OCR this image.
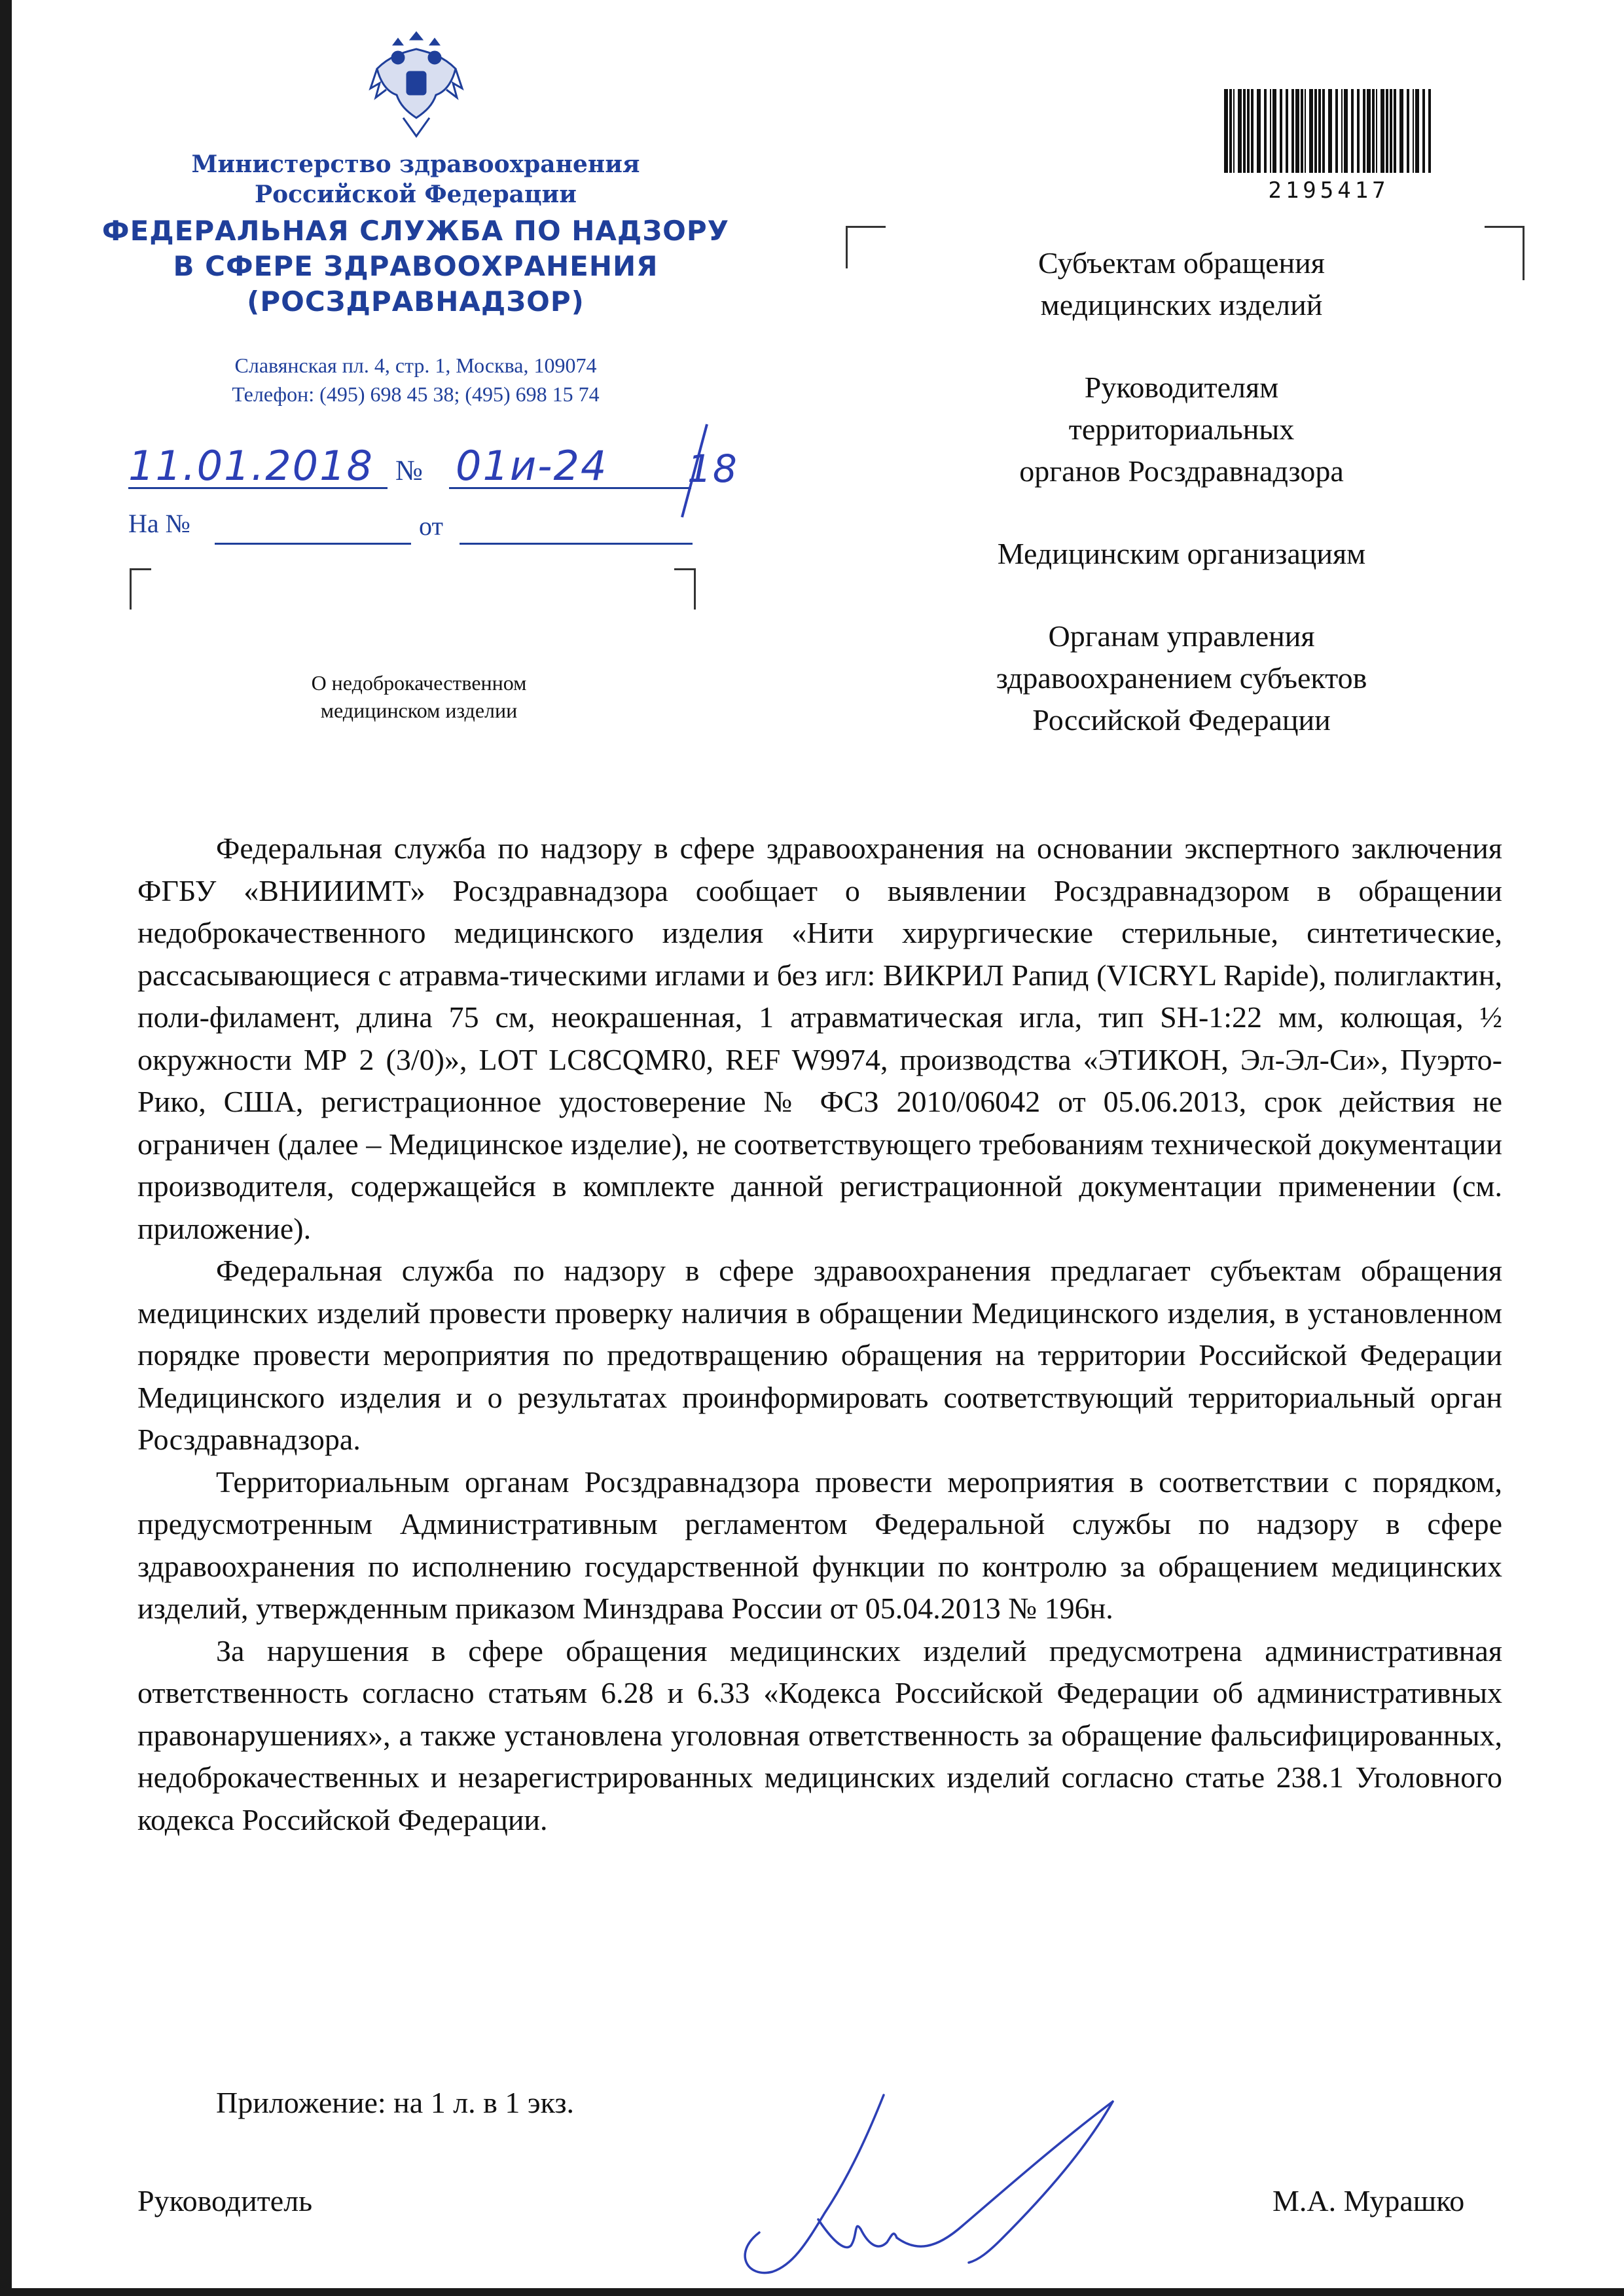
Министерство здравоохранения
Российской Федерации
ФЕДЕРАЛЬНАЯ СЛУЖБА ПО НАДЗОРУ
В СФЕРЕ ЗДРАВООХРАНЕНИЯ
(РОСЗДРАВНАДЗОР)
Славянская пл. 4, стр. 1, Москва, 109074
Телефон: (495) 698 45 38; (495) 698 15 74
11.01.2018 № 01и-24 18
На №	от
О недоброкачественном
медицинском изделии
2195417
Субъектам обращения
медицинских изделий
Руководителям
территориальных
органов Росздравнадзора
Медицинским организациям
Органам управления
здравоохранением субъектов
Российской Федерации

Федеральная служба по надзору в сфере здравоохранения на основании экспертного заключения ФГБУ «ВНИИИМТ» Росздравнадзора сообщает о выявлении Росздравнадзором в обращении недоброкачественного медицинского изделия «Нити хирургические стерильные, синтетические, рассасывающиеся с атравма-тическими иглами и без игл: ВИКРИЛ Рапид (VICRYL Rapide), полиглактин, поли-филамент, длина 75 см, неокрашенная, 1 атравматическая игла, тип SH-1:22 мм, колющая, ½ окружности МР 2 (3/0)», LOT LC8CQMR0, REF W9974, производства «ЭТИКОН, Эл-Эл-Си», Пуэрто-Рико, США, регистрационное удостоверение № ФСЗ 2010/06042 от 05.06.2013, срок действия не ограничен (далее – Медицинское изделие), не соответствующего требованиям технической документации производителя, содержащейся в комплекте данной регистрационной документации применении (см. приложение).

Федеральная служба по надзору в сфере здравоохранения предлагает субъектам обращения медицинских изделий провести проверку наличия в обращении Медицинского изделия, в установленном порядке провести мероприятия по предотвращению обращения на территории Российской Федерации Медицинского изделия и о результатах проинформировать соответствующий территориальный орган Росздравнадзора.

Территориальным органам Росздравнадзора провести мероприятия в соответствии с порядком, предусмотренным Административным регламентом Федеральной службы по надзору в сфере здравоохранения по исполнению государственной функции по контролю за обращением медицинских изделий, утвержденным приказом Минздрава России от 05.04.2013 № 196н.

За нарушения в сфере обращения медицинских изделий предусмотрена административная ответственность согласно статьям 6.28 и 6.33 «Кодекса Российской Федерации об административных правонарушениях», а также установлена уголовная ответственность за обращение фальсифицированных, недоброкачественных и незарегистрированных медицинских изделий согласно статье 238.1 Уголовного кодекса Российской Федерации.

Приложение: на 1 л. в 1 экз.
Руководитель	М.А. Мурашко
